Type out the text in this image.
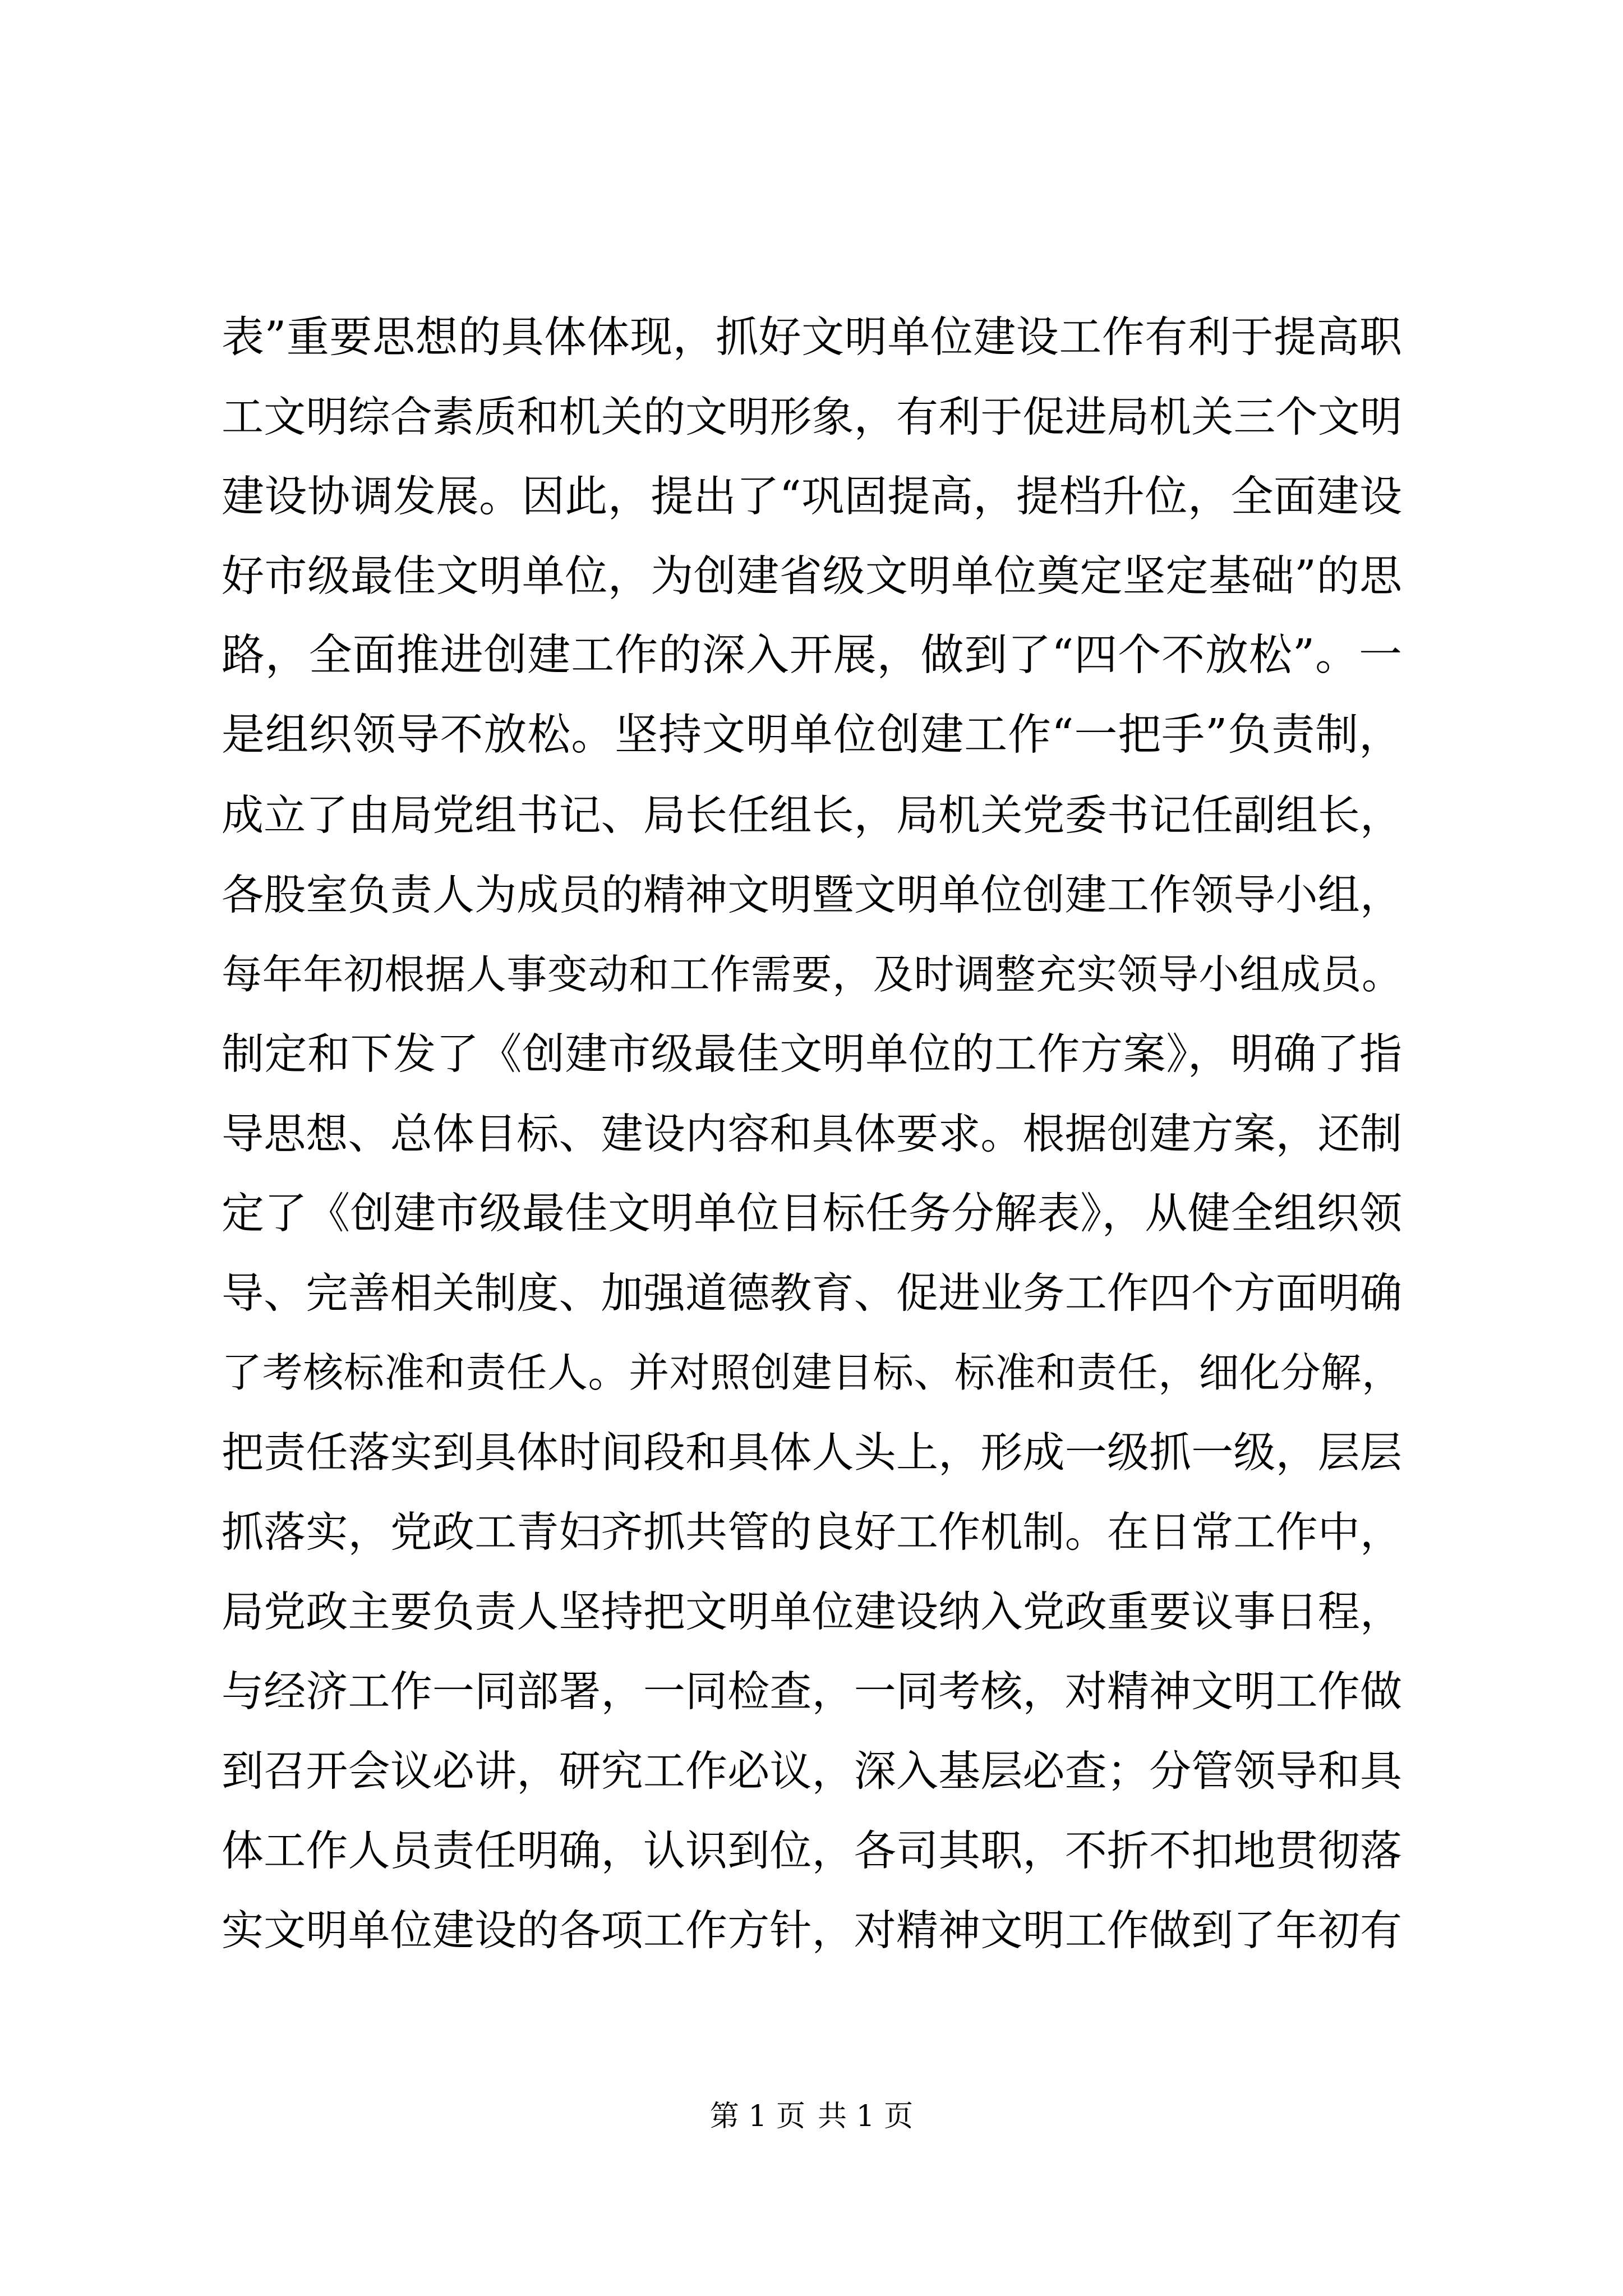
表”重要思想的具体体现，抓好文明单位建设工作有利于提高职
工文明综合素质和机关的文明形象，有利于促进局机关三个文明
建设协调发展。因此，提出了“巩固提高，提档升位，全面建设
好市级最佳文明单位，为创建省级文明单位奠定坚定基础”的思
路，全面推进创建工作的深入开展，做到了“四个不放松”。一
是组织领导不放松。坚持文明单位创建工作“一把手”负责制，
成立了由局党组书记、局长任组长，局机关党委书记任副组长，
各股室负责人为成员的精神文明暨文明单位创建工作领导小组，
每年年初根据人事变动和工作需要，及时调整充实领导小组成员。
制定和下发了《创建市级最佳文明单位的工作方案》，明确了指
导思想、总体目标、建设内容和具体要求。根据创建方案，还制
定了《创建市级最佳文明单位目标任务分解表》，从健全组织领
导、完善相关制度、加强道德教育、促进业务工作四个方面明确
了考核标准和责任人。并对照创建目标、标准和责任，细化分解，
把责任落实到具体时间段和具体人头上，形成一级抓一级，层层
抓落实，党政工青妇齐抓共管的良好工作机制。在日常工作中，
局党政主要负责人坚持把文明单位建设纳入党政重要议事日程，
与经济工作一同部署，一同检查，一同考核，对精神文明工作做
到召开会议必讲，研究工作必议，深入基层必查；分管领导和具
体工作人员责任明确，认识到位，各司其职，不折不扣地贯彻落
实文明单位建设的各项工作方针，对精神文明工作做到了年初有
第 1 页 共 1 页
